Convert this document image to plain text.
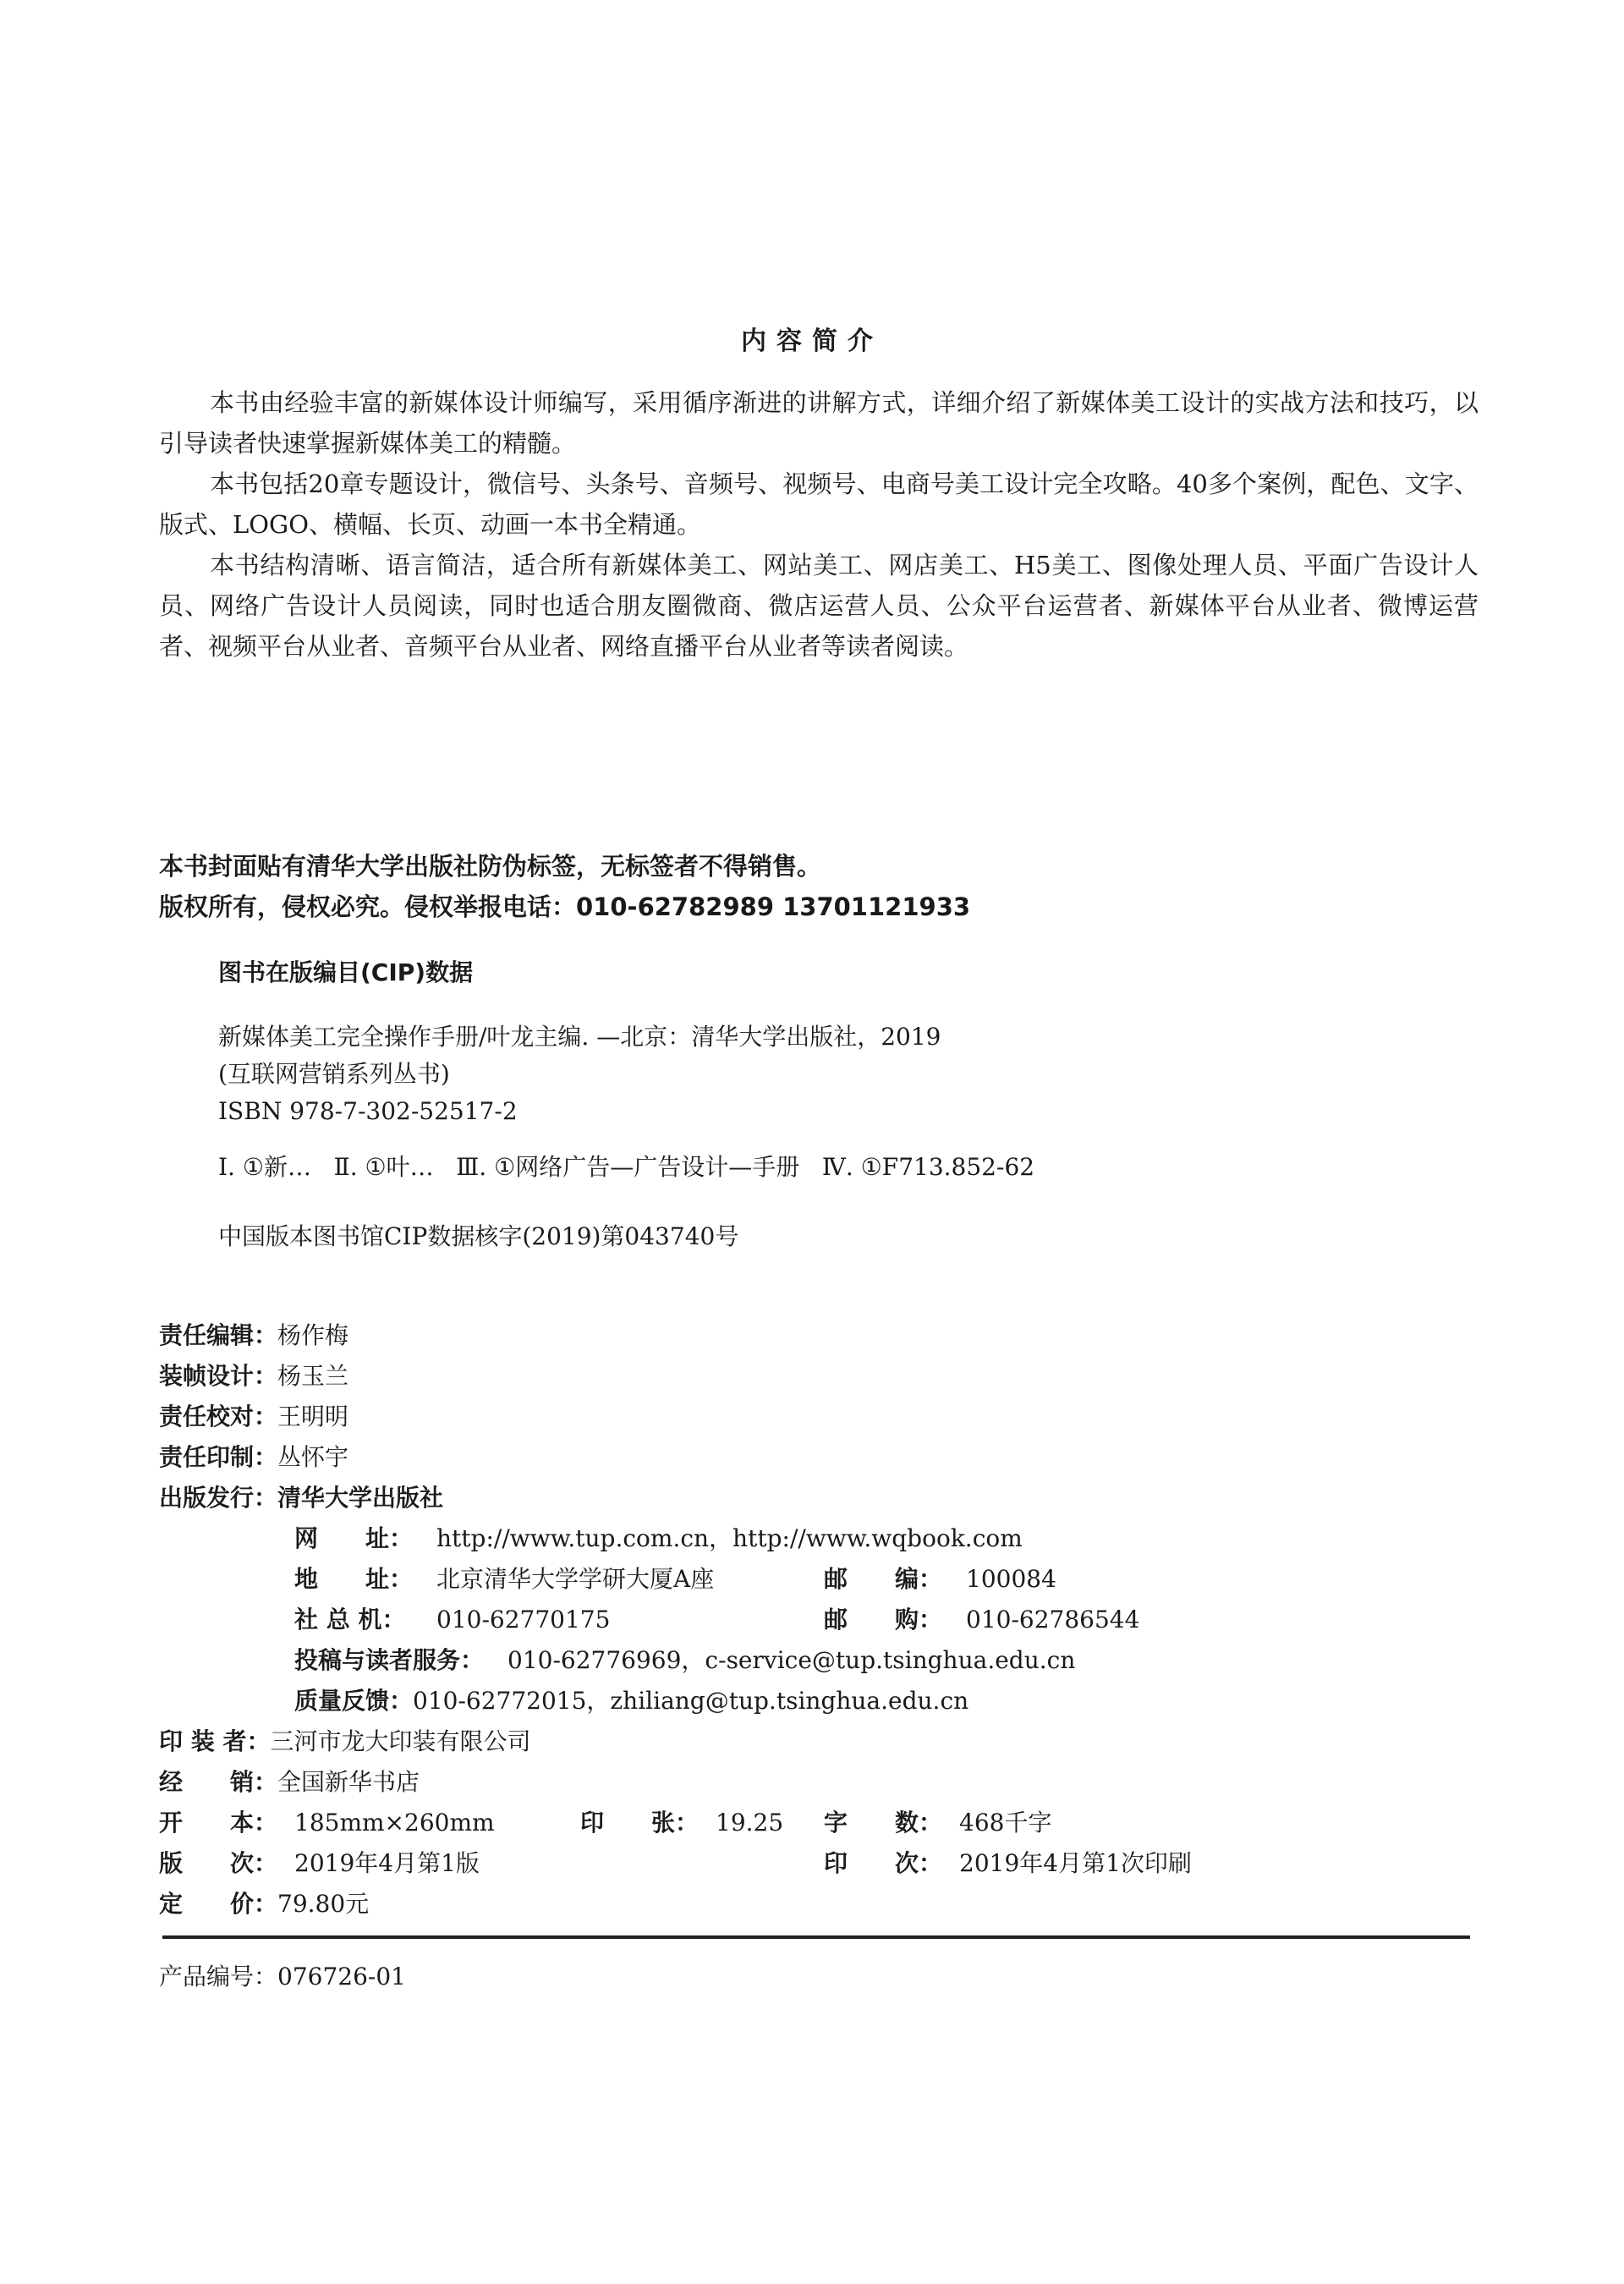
内容简介

本书由经验丰富的新媒体设计师编写，采用循序渐进的讲解方式，详细介绍了新媒体美工设计的实战方法和技巧，以引导读者快速掌握新媒体美工的精髓。

本书包括20章专题设计，微信号、头条号、音频号、视频号、电商号美工设计完全攻略。40多个案例，配色、文字、版式、LOGO、横幅、长页、动画一本书全精通。

本书结构清晰、语言简洁，适合所有新媒体美工、网站美工、网店美工、H5美工、图像处理人员、平面广告设计人员、网络广告设计人员阅读，同时也适合朋友圈微商、微店运营人员、公众平台运营者、新媒体平台从业者、微博运营者、视频平台从业者、音频平台从业者、网络直播平台从业者等读者阅读。

本书封面贴有清华大学出版社防伪标签，无标签者不得销售。
版权所有，侵权必究。侵权举报电话：010-62782989 13701121933
图书在版编目(CIP)数据
新媒体美工完全操作手册/叶龙主编. —北京：清华大学出版社，2019
(互联网营销系列丛书)
ISBN 978-7-302-52517-2
Ⅰ. ①新…   Ⅱ. ①叶…   Ⅲ. ①网络广告—广告设计—手册   Ⅳ. ①F713.852-62
中国版本图书馆CIP数据核字(2019)第043740号
责任编辑：杨作梅
装帧设计：杨玉兰
责任校对：王明明
责任印制：丛怀宇
出版发行：清华大学出版社
网　　址： http://www.tup.com.cn，http://www.wqbook.com
地　　址： 北京清华大学学研大厦A座	邮　　编： 100084
社 总 机： 010-62770175	邮　　购： 010-62786544
投稿与读者服务： 010-62776969，c-service@tup.tsinghua.edu.cn
质量反馈： 010-62772015，zhiliang@tup.tsinghua.edu.cn
印 装 者：三河市龙大印装有限公司
经　　销：全国新华书店
开　　本： 185mm×260mm	印　　张： 19.25 字　　数： 468千字
版　　次： 2019年4月第1版	印　　次： 2019年4月第1次印刷
定　　价：79.80元
产品编号：076726-01
